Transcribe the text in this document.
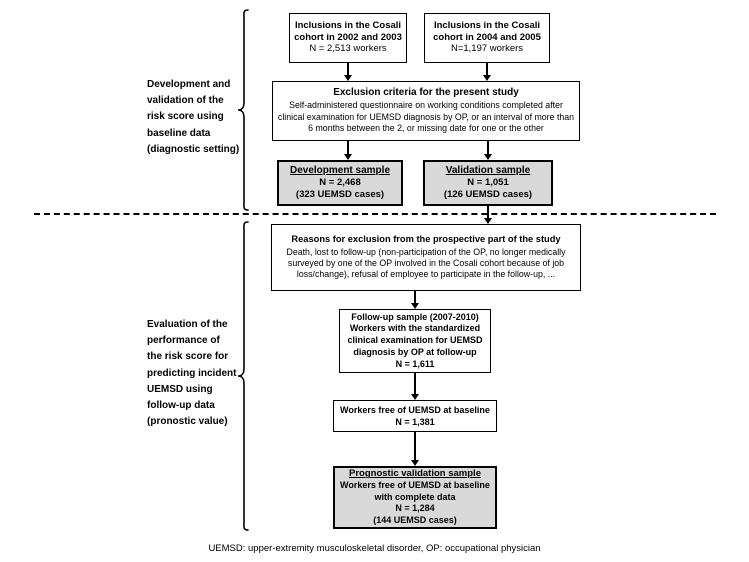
Development and
validation of the
risk score using
baseline data
(diagnostic setting)
Evaluation of the
performance of
the risk score for
predicting incident
UEMSD using
follow-up data
(pronostic value)
Inclusions in the Cosali cohort in 2002 and 2003
N = 2,513 workers
Inclusions in the Cosali cohort in 2004 and 2005
N=1,197 workers
Exclusion criteria for the present study
Self-administered questionnaire on working conditions completed after clinical examination for UEMSD diagnosis by OP, or an interval of more than 6 months between the 2, or missing date for one or the other
Development sample
N = 2,468
(323 UEMSD cases)
Validation sample
N = 1,051
(126 UEMSD cases)
Reasons for exclusion from the prospective part of the study
Death, lost to follow-up (non-participation of the OP, no longer medically surveyed by one of the OP involved in the Cosali cohort because of job loss/change), refusal of employee to participate in the follow-up, ...
Follow-up sample (2007-2010)
Workers with the standardized clinical examination for UEMSD diagnosis by OP at follow-up
N = 1,611
Workers free of UEMSD at baseline
N = 1,381
Prognostic validation sample
Workers free of UEMSD at baseline with complete data
N = 1,284
(144 UEMSD cases)
UEMSD: upper-extremity musculoskeletal disorder, OP: occupational physician
